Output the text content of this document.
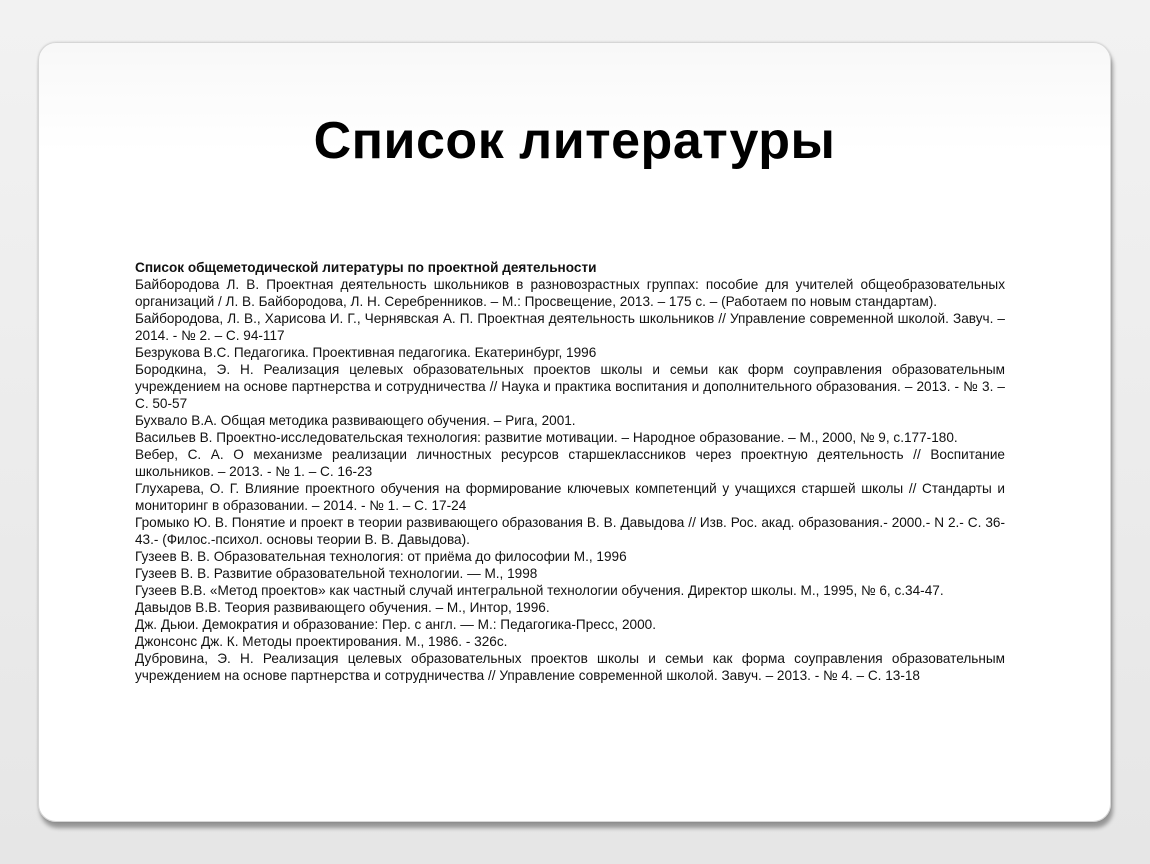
Список литературы
Список общеметодической литературы по проектной деятельности
Байбородова Л. В. Проектная деятельность школьников в разновозрастных группах: пособие для учителей общеобразовательных организаций / Л. В. Байбородова, Л. Н. Серебренников. – М.: Просвещение, 2013. – 175 с. – (Работаем по новым стандартам).
Байбородова, Л. В., Харисова И. Г., Чернявская А. П. Проектная деятельность школьников // Управление современной школой. Завуч. – 2014. - № 2. – С. 94-117
Безрукова В.С. Педагогика. Проективная педагогика. Екатеринбург, 1996
Бородкина, Э. Н. Реализация целевых образовательных проектов школы и семьи как форм соуправления образовательным учреждением на основе партнерства и сотрудничества // Наука и практика воспитания и дополнительного образования. – 2013. - № 3. – С. 50-57
Бухвало В.А. Общая методика развивающего обучения. – Рига, 2001.
Васильев В. Проектно-исследовательская технология: развитие мотивации. – Народное образование. – М., 2000, № 9, с.177-180.
Вебер, С. А. О механизме реализации личностных ресурсов старшеклассников через проектную деятельность // Воспитание школьников. – 2013. - № 1. – С. 16-23
Глухарева, О. Г. Влияние проектного обучения на формирование ключевых компетенций у учащихся старшей школы // Стандарты и мониторинг в образовании. – 2014. - № 1. – С. 17-24
Громыко Ю. В. Понятие и проект в теории развивающего образования В. В. Давыдова // Изв. Рос. акад. образования.- 2000.- N 2.- С. 36-43.- (Филос.-психол. основы теории В. В. Давыдова).
Гузеев В. В. Образовательная технология: от приёма до философии М., 1996
Гузеев В. В. Развитие образовательной технологии. — М., 1998
Гузеев В.В. «Метод проектов» как частный случай интегральной технологии обучения. Директор школы. М., 1995, № 6, с.34-47.
Давыдов В.В. Теория развивающего обучения. – М., Интор, 1996.
Дж. Дьюи. Демократия и образование: Пер. с англ. — М.: Педагогика-Пресс, 2000.
Джонсонс Дж. К. Методы проектирования. М., 1986. - 326с.
Дубровина, Э. Н. Реализация целевых образовательных проектов школы и семьи как форма соуправления образовательным учреждением на основе партнерства и сотрудничества // Управление современной школой. Завуч. – 2013. - № 4. – С. 13-18
